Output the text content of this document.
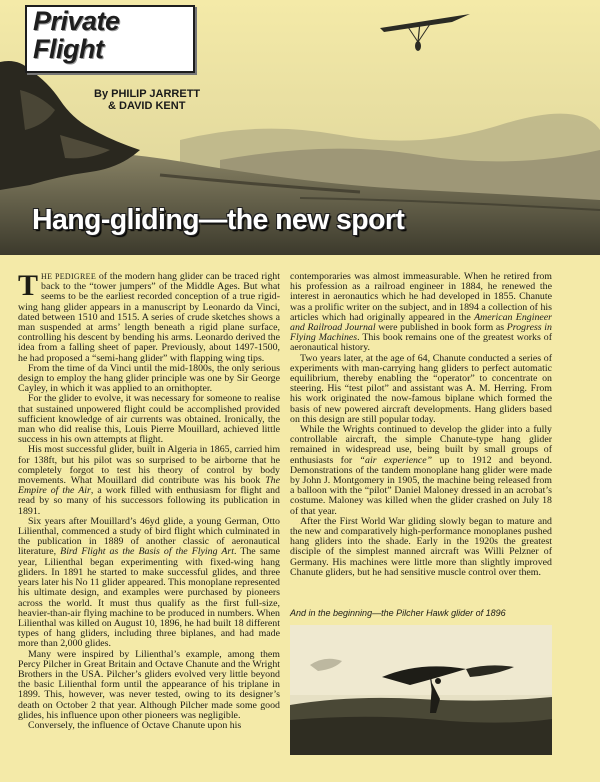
Private
Flight
By PHILIP JARRETT
& DAVID KENT
Hang-gliding—the new sport

THE PEDIGREE of the modern hang glider can be traced right back to the “tower jumpers” of the Middle Ages. But what seems to be the earliest recorded conception of a true rigid-wing hang glider appears in a manuscript by Leonardo da Vinci, dated between 1510 and 1515. A series of crude sketches shows a man suspended at arms’ length beneath a rigid plane surface, controlling his descent by bending his arms. Leonardo derived the idea from a falling sheet of paper. Previously, about 1497-1500, he had proposed a “semi-hang glider” with flapping wing tips.

From the time of da Vinci until the mid-1800s, the only serious design to employ the hang glider principle was one by Sir George Cayley, in which it was applied to an ornithopter.

For the glider to evolve, it was necessary for someone to realise that sustained unpowered flight could be accomplished provided sufficient knowledge of air currents was obtained. Ironically, the man who did realise this, Louis Pierre Mouillard, achieved little success in his own attempts at flight.

His most successful glider, built in Algeria in 1865, carried him for 138ft, but his pilot was so surprised to be airborne that he completely forgot to test his theory of control by body movements. What Mouillard did contribute was his book The Empire of the Air, a work filled with enthusiasm for flight and read by so many of his successors following its publication in 1891.

Six years after Mouillard’s 46yd glide, a young German, Otto Lilienthal, commenced a study of bird flight which culminated in the publication in 1889 of another classic of aeronautical literature, Bird Flight as the Basis of the Flying Art. The same year, Lilienthal began experimenting with fixed-wing hang gliders. In 1891 he started to make successful glides, and three years later his No 11 glider appeared. This monoplane represented his ultimate design, and examples were purchased by pioneers across the world. It must thus qualify as the first full-size, heavier-than-air flying machine to be produced in numbers. When Lilienthal was killed on August 10, 1896, he had built 18 different types of hang gliders, including three biplanes, and had made more than 2,000 glides.

Many were inspired by Lilienthal’s example, among them Percy Pilcher in Great Britain and Octave Chanute and the Wright Brothers in the USA. Pilcher’s gliders evolved very little beyond the basic Lilienthal form until the appearance of his triplane in 1899. This, however, was never tested, owing to its designer’s death on October 2 that year. Although Pilcher made some good glides, his influence upon other pioneers was negligible.

Conversely, the influence of Octave Chanute upon his

contemporaries was almost immeasurable. When he retired from his profession as a railroad engineer in 1884, he renewed the interest in aeronautics which he had developed in 1855. Chanute was a prolific writer on the subject, and in 1894 a collection of his articles which had originally appeared in the American Engineer and Railroad Journal were published in book form as Progress in Flying Machines. This book remains one of the greatest works of aeronautical history.

Two years later, at the age of 64, Chanute conducted a series of experiments with man-carrying hang gliders to perfect automatic equilibrium, thereby enabling the “operator” to concentrate on steering. His “test pilot” and assistant was A. M. Herring. From his work originated the now-famous biplane which formed the basis of new powered aircraft developments. Hang gliders based on this design are still popular today.

While the Wrights continued to develop the glider into a fully controllable aircraft, the simple Chanute-type hang glider remained in widespread use, being built by small groups of enthusiasts for “air experience” up to 1912 and beyond. Demonstrations of the tandem monoplane hang glider were made by John J. Montgomery in 1905, the machine being released from a balloon with the “pilot” Daniel Maloney dressed in an acrobat’s costume. Maloney was killed when the glider crashed on July 18 of that year.

After the First World War gliding slowly began to mature and the new and comparatively high-performance monoplanes pushed hang gliders into the shade. Early in the 1920s the greatest disciple of the simplest manned aircraft was Willi Pelzner of Germany. His machines were little more than slightly improved Chanute gliders, but he had sensitive muscle control over them.

And in the beginning—the Pilcher Hawk glider of 1896
